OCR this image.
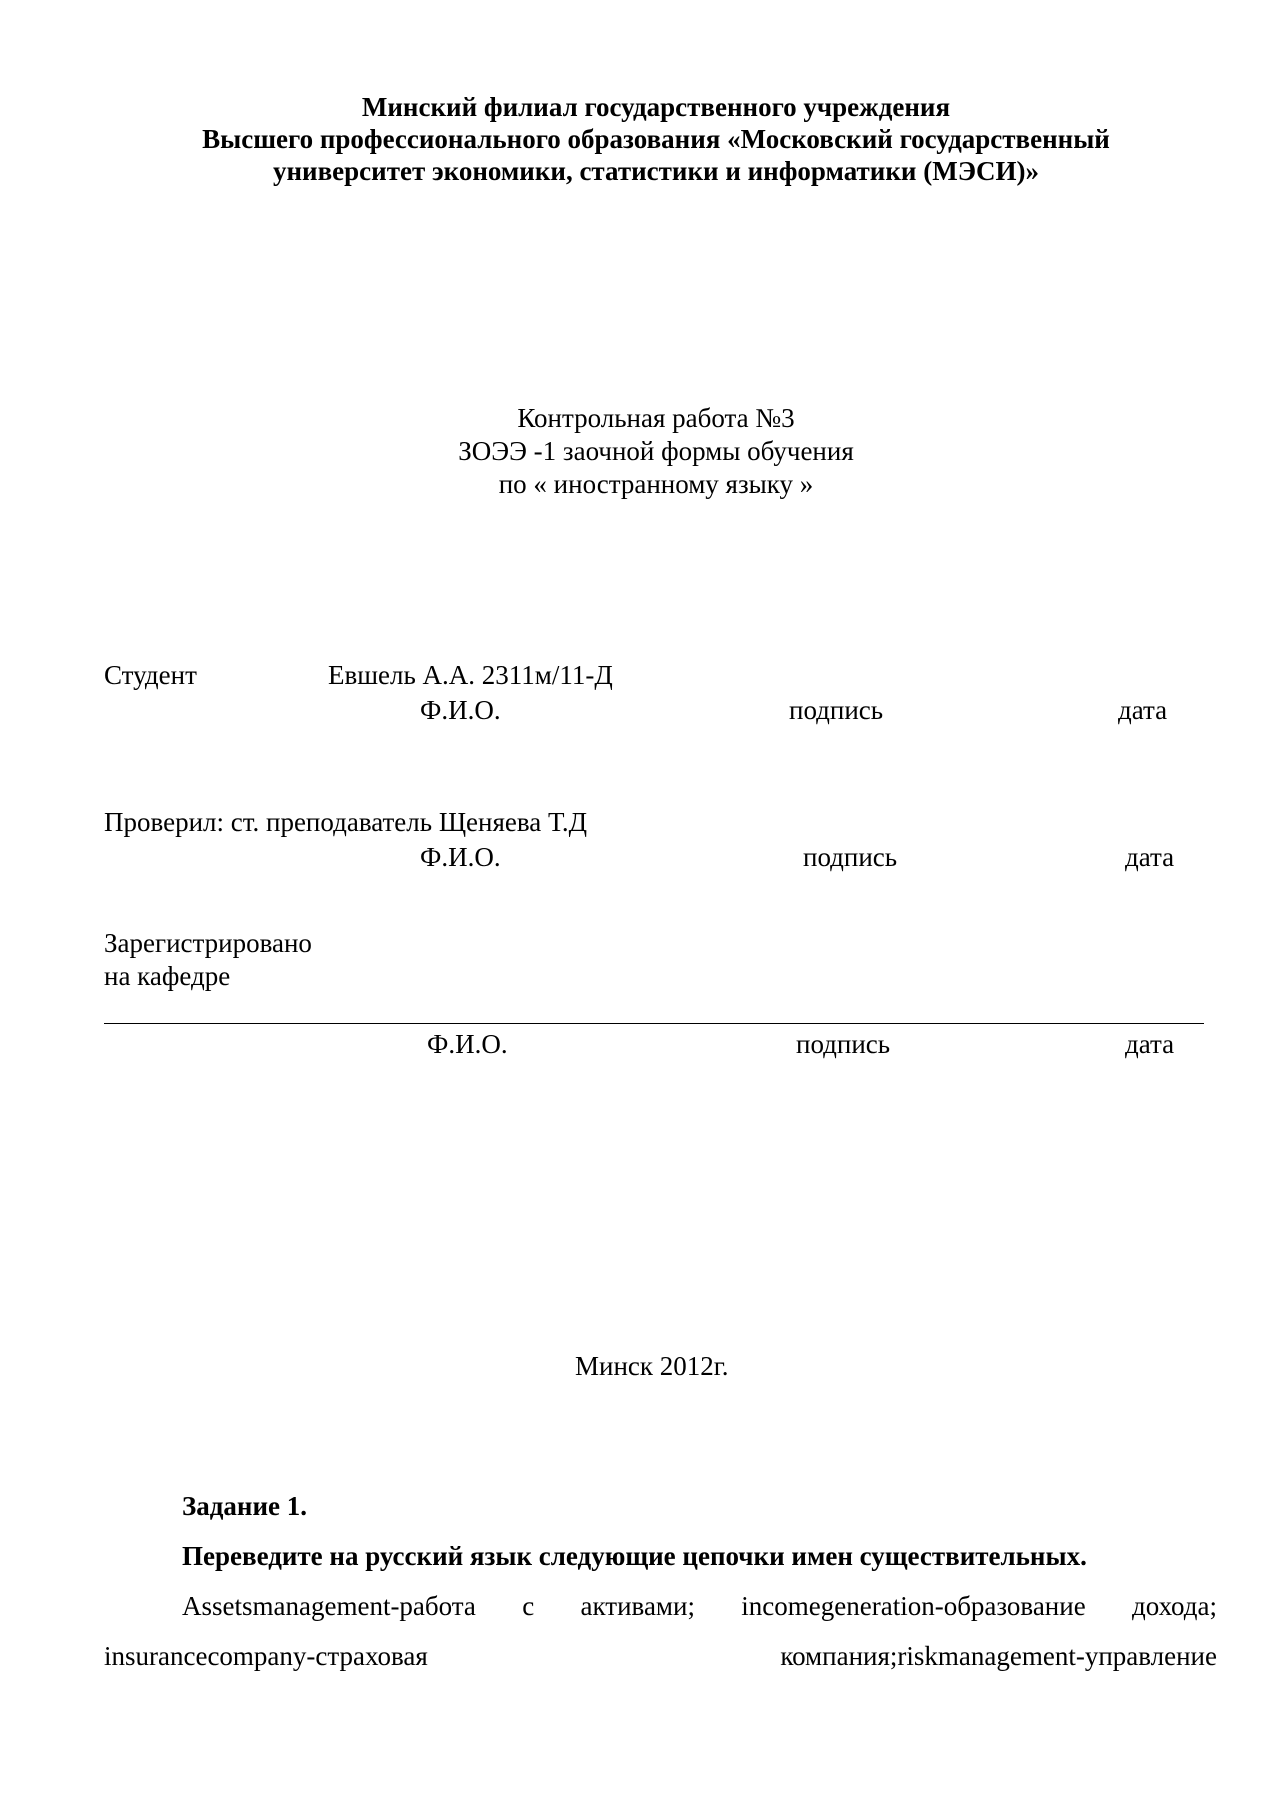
Минский филиал государственного учреждения
Высшего профессионального образования «Московский государственный
университет экономики, статистики и информатики (МЭСИ)»
Контрольная работа №3
ЗОЭЭ -1 заочной формы обучения
по « иностранному языку »
Студент	Евшель А.А. 2311м/11-Д
Ф.И.О.	подпись	дата
Проверил: ст. преподаватель Щеняева Т.Д
Ф.И.О.	подпись	дата
Зарегистрировано
на кафедре
Ф.И.О.	подпись	дата
Минск 2012г.
Задание 1.
Переведите на русский язык следующие цепочки имен существительных.
Assetsmanagement-работа с активами; incomegeneration-образование дохода;
insurancecompany-страховая компания;riskmanagement-управление
